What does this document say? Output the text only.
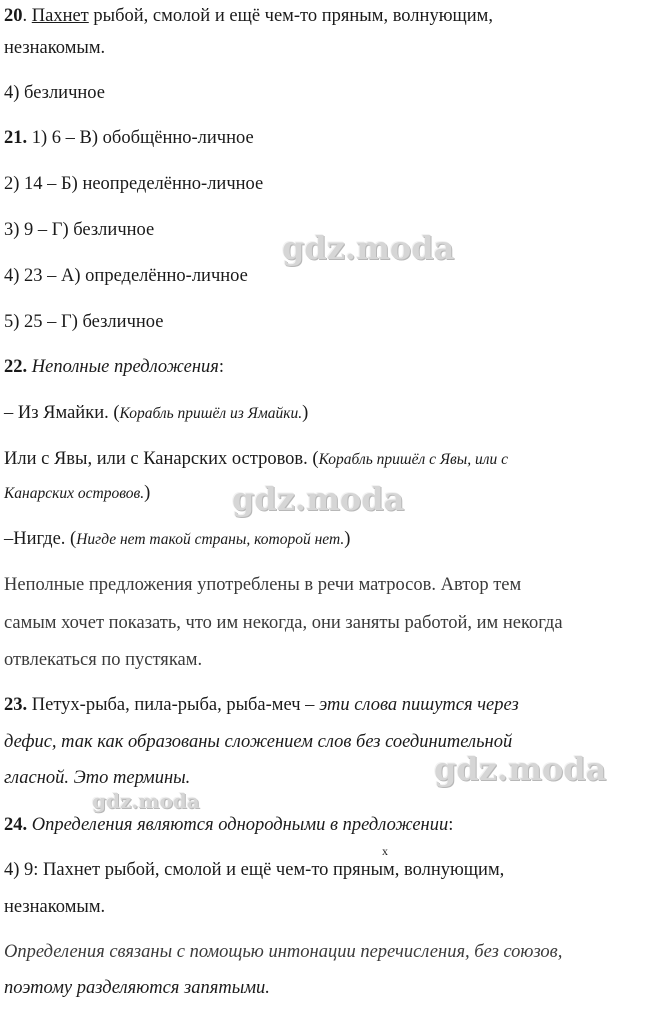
20. Пахнет рыбой, смолой и ещё чем-то пряным, волнующим,
незнакомым.
4) безличное
21. 1) 6 – В) обобщённо-личное
2) 14 – Б) неопределённо-личное
3) 9 – Г) безличное
4) 23 – А) определённо-личное
5) 25 – Г) безличное
22. Неполные предложения:
– Из Ямайки. (Корабль пришёл из Ямайки.)
Или с Явы, или с Канарских островов. (Корабль пришёл с Явы, или с
Канарских островов.)
–Нигде. (Нигде нет такой страны, которой нет.)
Неполные предложения употреблены в речи матросов. Автор тем
самым хочет показать, что им некогда, они заняты работой, им некогда
отвлекаться по пустякам.
23. Петух-рыба, пила-рыба, рыба-меч – эти слова пишутся через
дефис, так как образованы сложением слов без соединительной
гласной. Это термины.
24. Определения являются однородными в предложении:
x
4) 9: Пахнет рыбой, смолой и ещё чем-то пряным, волнующим,
незнакомым.
Определения связаны с помощью интонации перечисления, без союзов,
поэтому разделяются запятыми.
gdz.moda
gdz.moda
gdz.moda
gdz.moda
